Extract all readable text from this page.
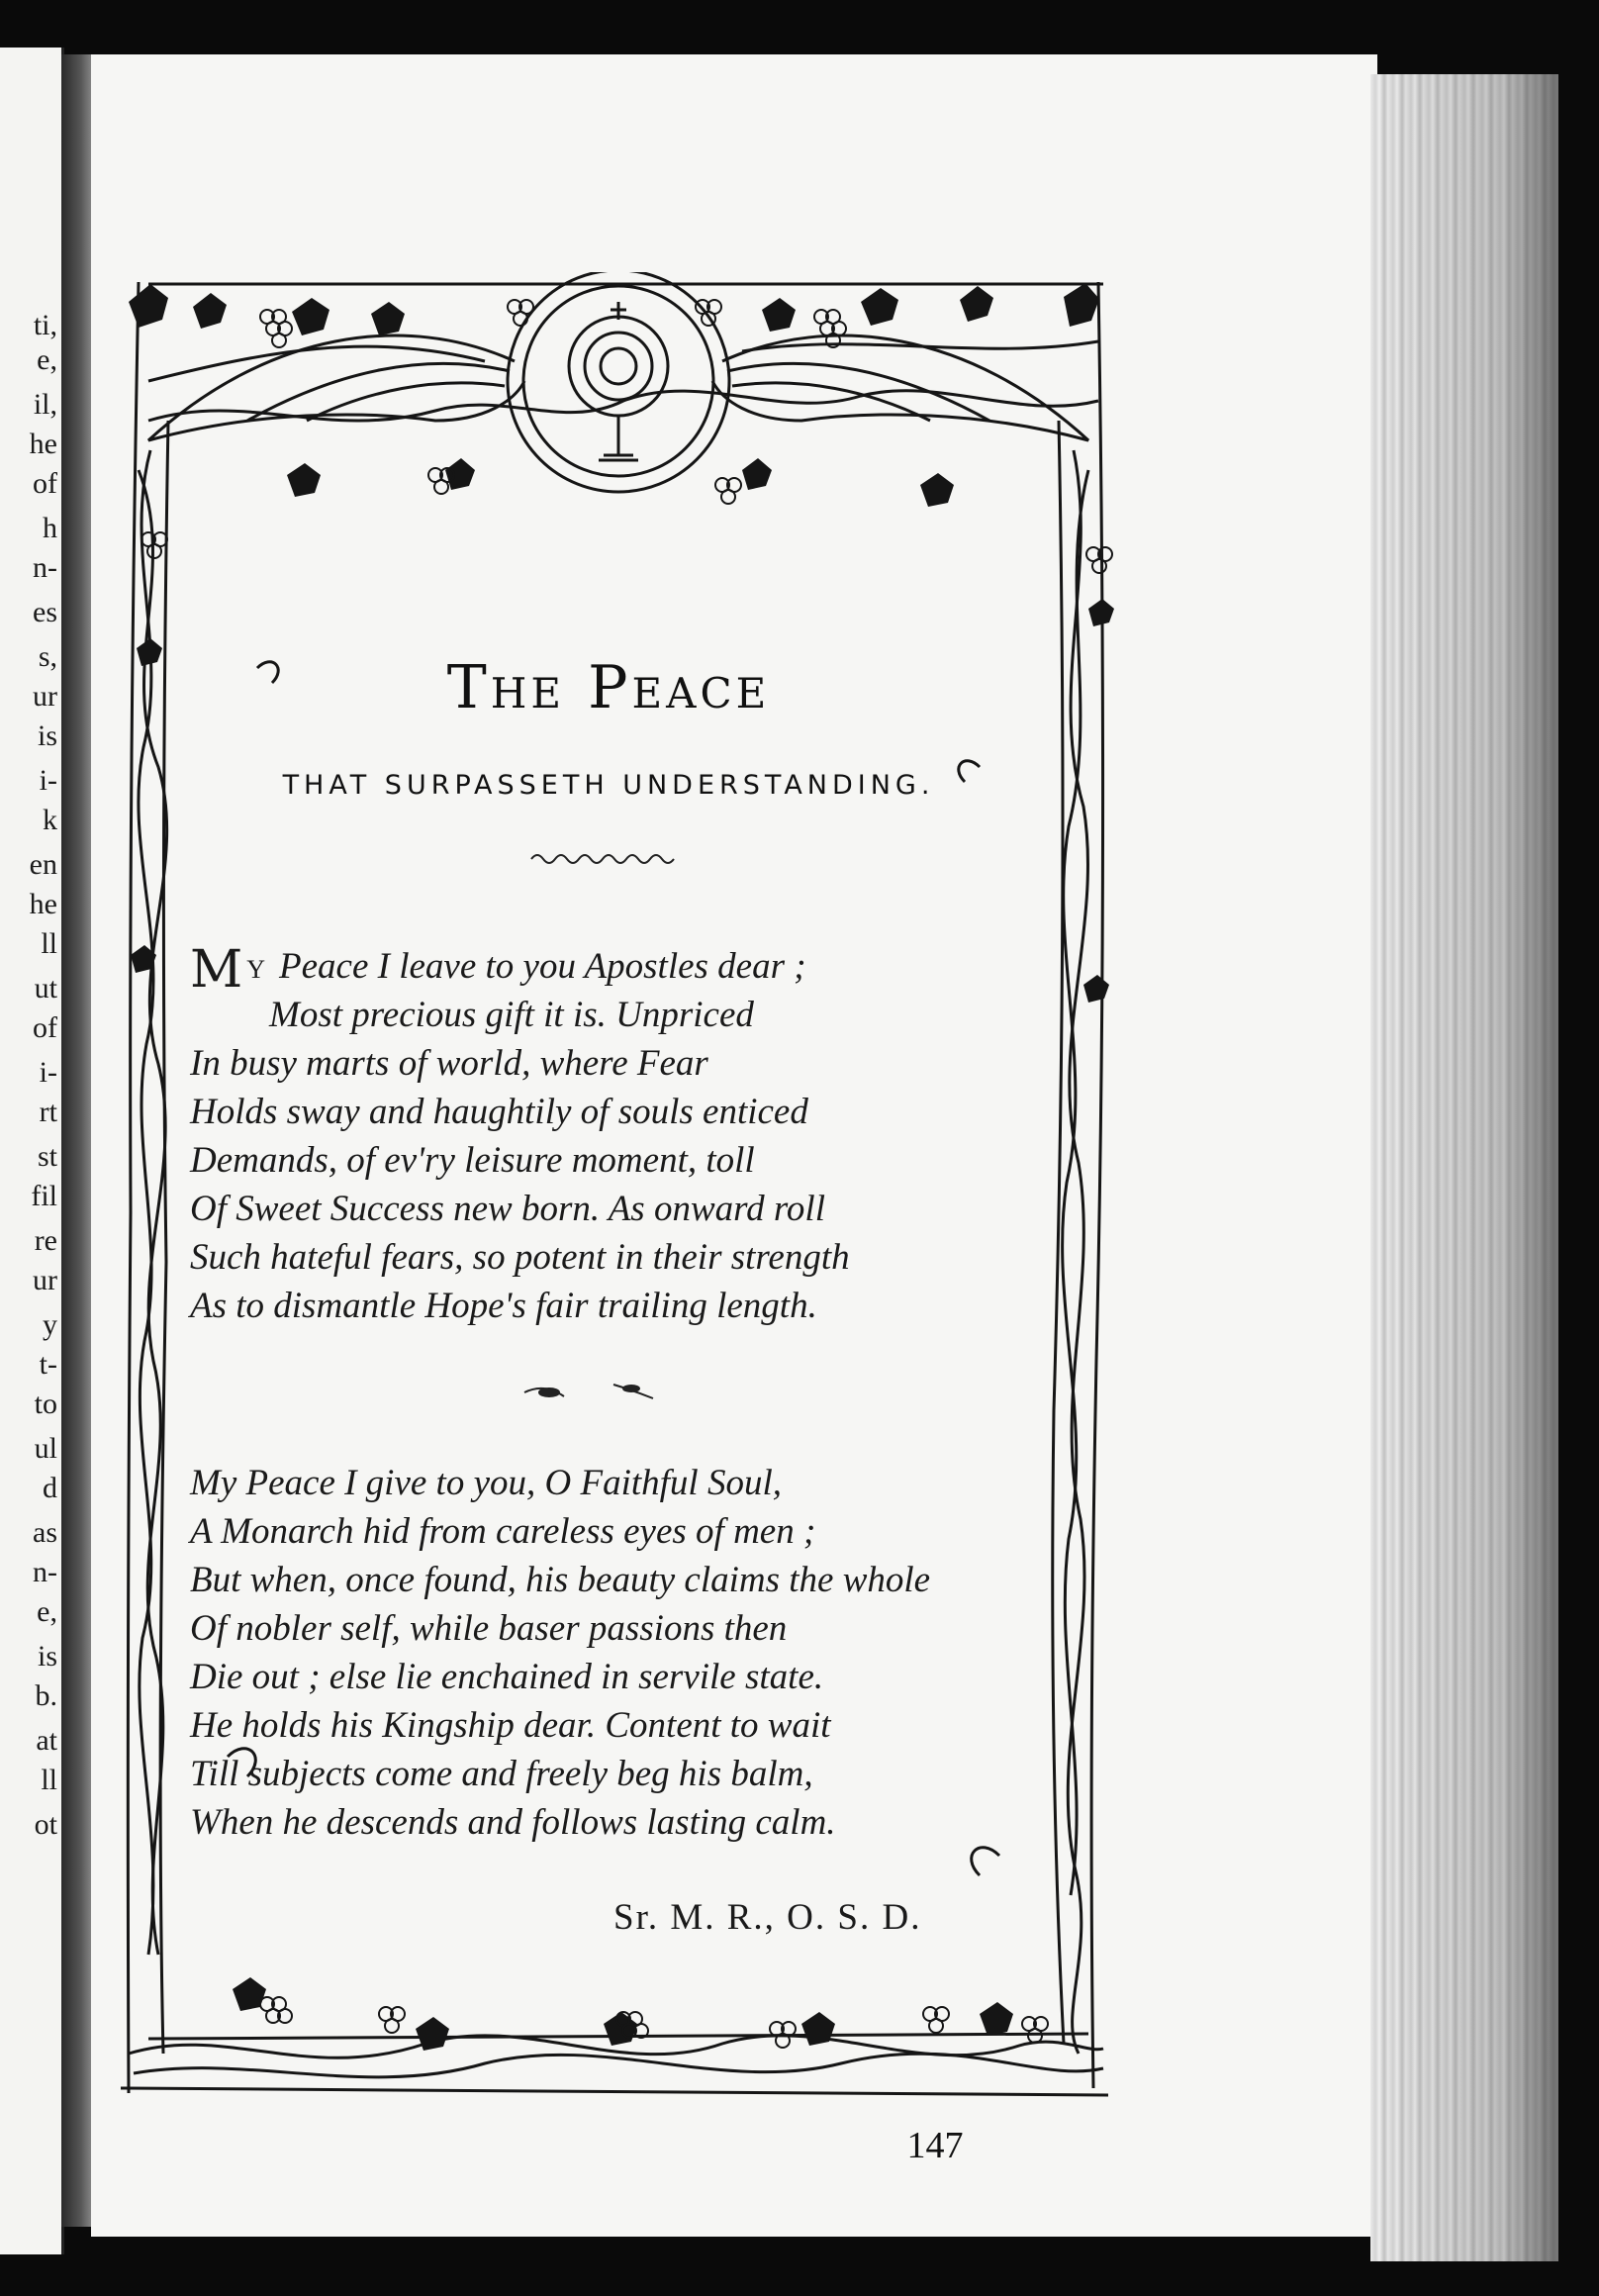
ti,
e,
il,
he
of
h
n-
es
s,
ur
is
i-
k
en
he
ll
ut
of
i-
rt
st
fil
re
ur
y
t-
to
ul
d
as
n-
e,
is
b.
at
ll
ot
The Peace
THAT SURPASSETH UNDERSTANDING.
M Y Peace I leave to you Apostles dear ;
Most precious gift it is. Unpriced
In busy marts of world, where Fear
Holds sway and haughtily of souls enticed
Demands, of ev'ry leisure moment, toll
Of Sweet Success new born. As onward roll
Such hateful fears, so potent in their strength
As to dismantle Hope's fair trailing length.
My Peace I give to you, O Faithful Soul,
A Monarch hid from careless eyes of men ;
But when, once found, his beauty claims the whole
Of nobler self, while baser passions then
Die out ; else lie enchained in servile state.
He holds his Kingship dear. Content to wait
Till subjects come and freely beg his balm,
When he descends and follows lasting calm.
Sr. M. R., O. S. D.
147
